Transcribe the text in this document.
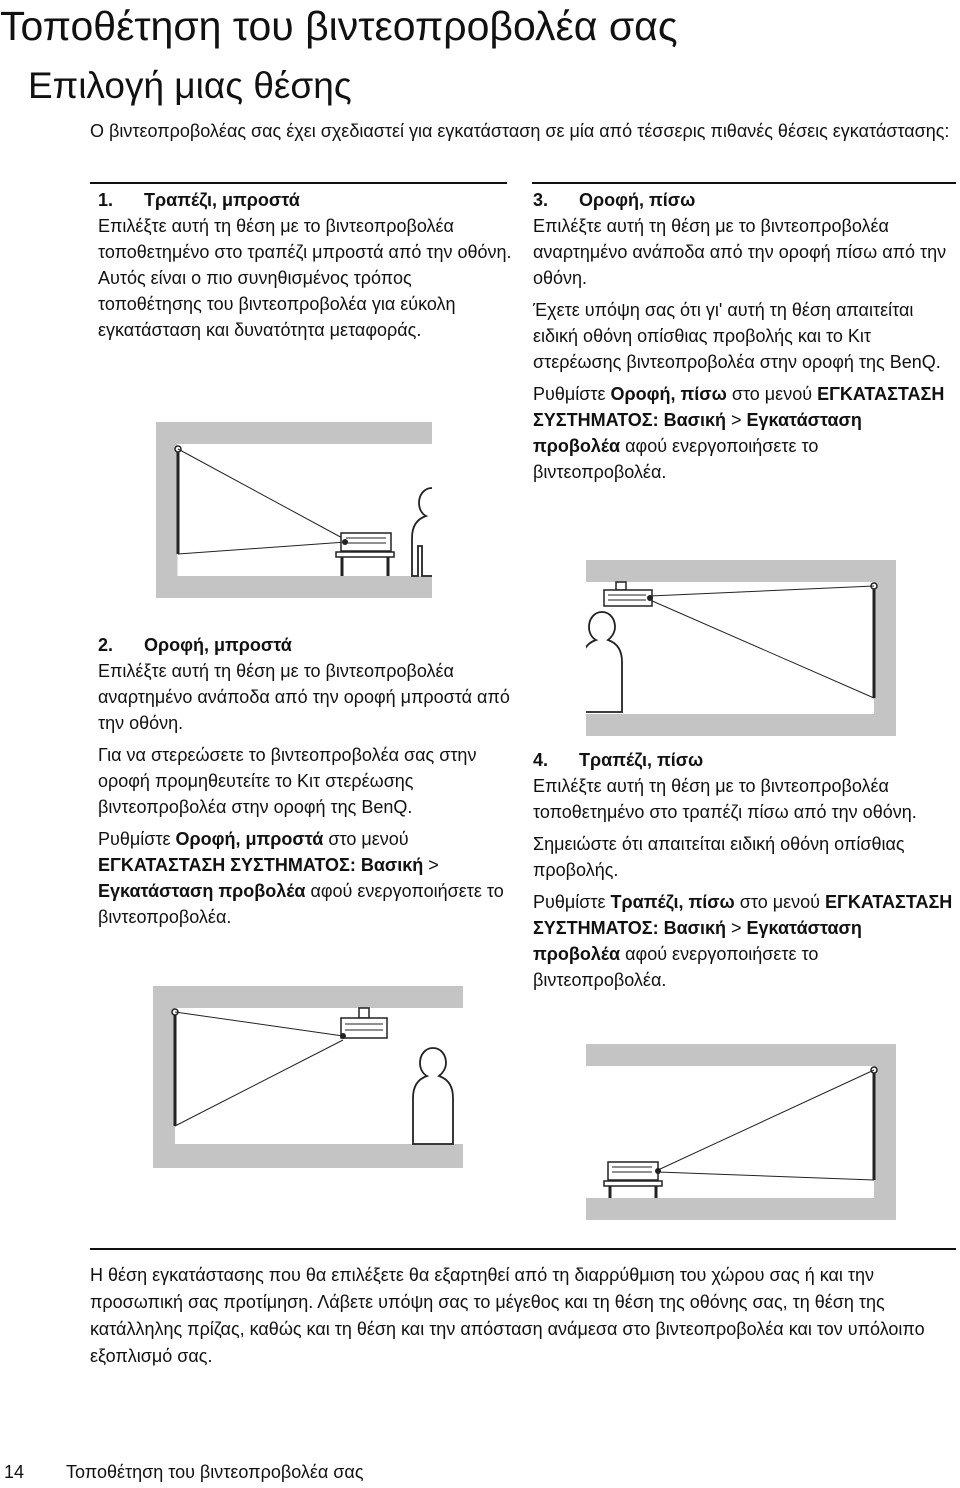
Τοποθέτηση του βιντεοπροβολέα σας
Επιλογή μιας θέσης
Ο βιντεοπροβολέας σας έχει σχεδιαστεί για εγκατάσταση σε μία από τέσσερις πιθανές θέσεις εγκατάστασης:

1. Τραπέζι, μπροστά

Επιλέξτε αυτή τη θέση με το βιντεοπροβολέα τοποθετημένο στο τραπέζι μπροστά από την οθόνη. Αυτός είναι ο πιο συνηθισμένος τρόπος τοποθέτησης του βιντεοπροβολέα για εύκολη εγκατάσταση και δυνατότητα μεταφοράς.

3. Οροφή, πίσω

Επιλέξτε αυτή τη θέση με το βιντεοπροβολέα αναρτημένο ανάποδα από την οροφή πίσω από την οθόνη.

Έχετε υπόψη σας ότι γι' αυτή τη θέση απαιτείται ειδική οθόνη οπίσθιας προβολής και το Κιτ στερέωσης βιντεοπροβολέα στην οροφή της BenQ.

Ρυθμίστε Οροφή, πίσω στο μενού ΕΓΚΑΤΑΣΤΑΣΗ ΣΥΣΤΗΜΑΤΟΣ: Βασική > Εγκατάσταση προβολέα αφού ενεργοποιήσετε το βιντεοπροβολέα.

2. Οροφή, μπροστά

Επιλέξτε αυτή τη θέση με το βιντεοπροβολέα αναρτημένο ανάποδα από την οροφή μπροστά από την οθόνη.

Για να στερεώσετε το βιντεοπροβολέα σας στην οροφή προμηθευτείτε το Κιτ στερέωσης βιντεοπροβολέα στην οροφή της BenQ.

Ρυθμίστε Οροφή, μπροστά στο μενού ΕΓΚΑΤΑΣΤΑΣΗ ΣΥΣΤΗΜΑΤΟΣ: Βασική > Εγκατάσταση προβολέα αφού ενεργοποιήσετε το βιντεοπροβολέα.

4. Τραπέζι, πίσω

Επιλέξτε αυτή τη θέση με το βιντεοπροβολέα τοποθετημένο στο τραπέζι πίσω από την οθόνη.

Σημειώστε ότι απαιτείται ειδική οθόνη οπίσθιας προβολής.

Ρυθμίστε Τραπέζι, πίσω στο μενού ΕΓΚΑΤΑΣΤΑΣΗ ΣΥΣΤΗΜΑΤΟΣ: Βασική > Εγκατάσταση προβολέα αφού ενεργοποιήσετε το βιντεοπροβολέα.

Η θέση εγκατάστασης που θα επιλέξετε θα εξαρτηθεί από τη διαρρύθμιση του χώρου σας ή και την προσωπική σας προτίμηση. Λάβετε υπόψη σας το μέγεθος και τη θέση της οθόνης σας, τη θέση της κατάλληλης πρίζας, καθώς και τη θέση και την απόσταση ανάμεσα στο βιντεοπροβολέα και τον υπόλοιπο εξοπλισμό σας.
14 Τοποθέτηση του βιντεοπροβολέα σας
